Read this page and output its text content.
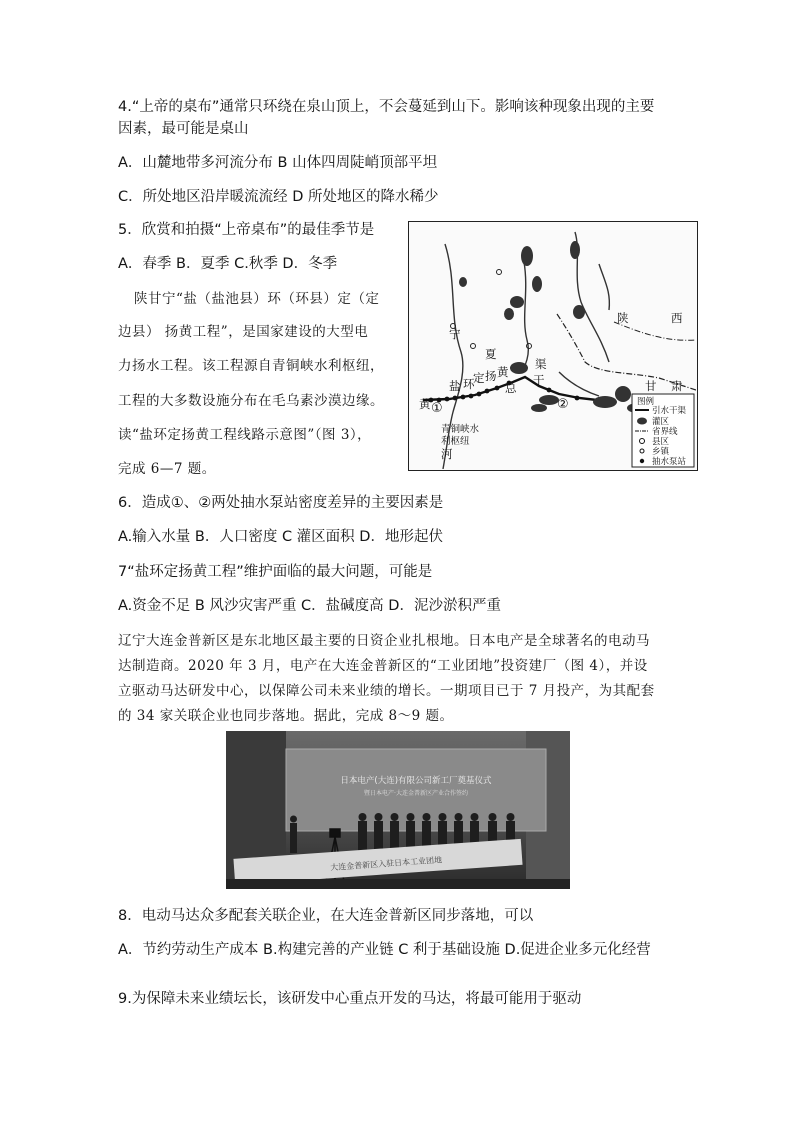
4.“上帝的桌布”通常只环绕在泉山顶上，不会蔓延到山下。影响该种现象出现的主要
因素，最可能是桌山
A．山麓地带多河流分布 B 山体四周陡峭顶部平坦
C．所处地区沿岸暖流流经 D 所处地区的降水稀少
5．欣赏和拍摄“上帝桌布”的最佳季节是
A．春季 B．夏季 C.秋季 D．冬季
陕甘宁“盐（盐池县）环（环县）定（定
边县） 扬黄工程”，是国家建设的大型电
力扬水工程。该工程源自青铜峡水利枢纽，
工程的大多数设施分布在毛乌素沙漠边缘。
读“盐环定扬黄工程线路示意图”（图 3），
完成 6—7 题。
陕	西
宁
夏
甘 肃
黄
河
盐 环
定 扬 黄
总
干
渠
①	②
青铜峡水
利枢纽
图例
引水干渠
灌区
省界线
县区
乡镇
抽水泵站
6．造成①、②两处抽水泵站密度差异的主要因素是
A.输入水量 B．人口密度 C 灌区面积 D．地形起伏
7“盐环定扬黄工程”维护面临的最大问题，可能是
A.资金不足 B 风沙灾害严重 C．盐碱度高 D．泥沙淤积严重
辽宁大连金普新区是东北地区最主要的日资企业扎根地。日本电产是全球著名的电动马
达制造商。2020 年 3 月，电产在大连金普新区的“工业团地”投资建厂（图 4），并设
立驱动马达研发中心，以保障公司未来业绩的增长。一期项目已于 7 月投产，为其配套
的 34 家关联企业也同步落地。据此，完成 8～9 题。
日本电产(大连)有限公司新工厂奠基仪式
暨日本电产·大连金普新区产业合作签约
大连金普新区入驻日本工业团地
8．电动马达众多配套关联企业，在大连金普新区同步落地，可以
A．节约劳动生产成本 B.构建完善的产业链 C 利于基础设施 D.促进企业多元化经营
9.为保障未来业绩坛长，该研发中心重点开发的马达，将最可能用于驱动
